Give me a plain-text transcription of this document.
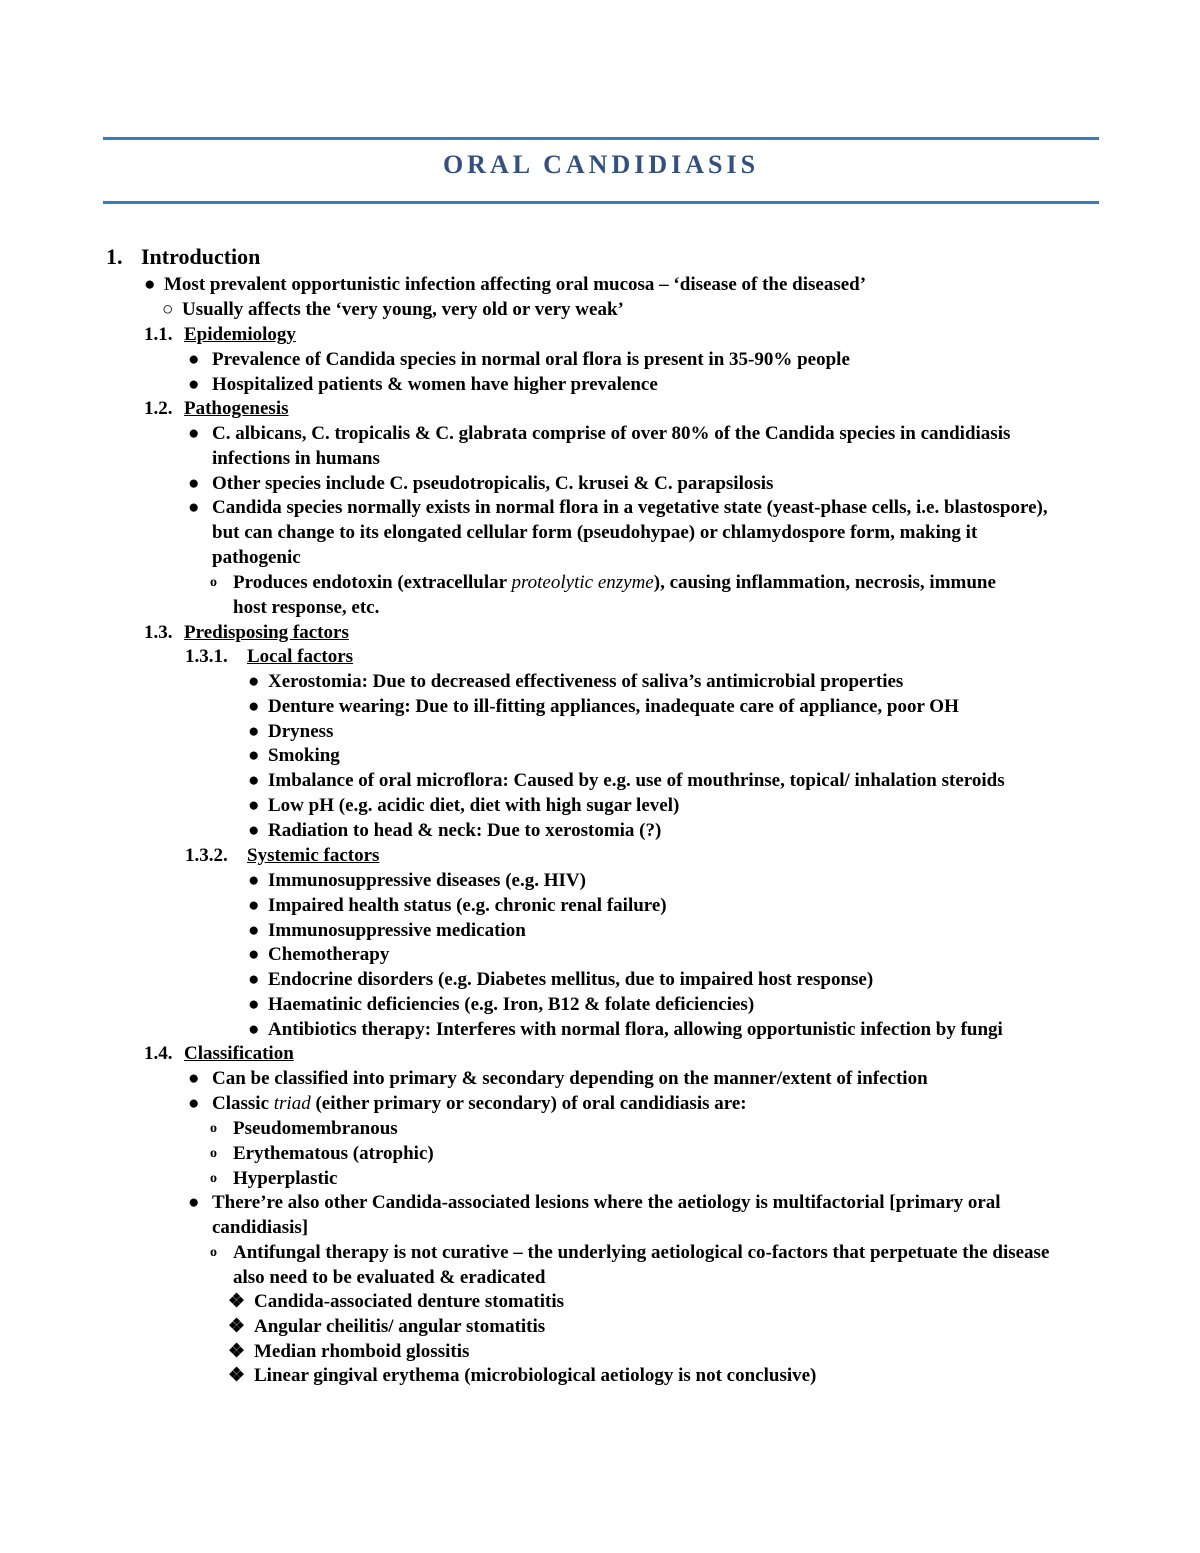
ORAL CANDIDIASIS
1. Introduction
● Most prevalent opportunistic infection affecting oral mucosa – ‘disease of the diseased’
○ Usually affects the ‘very young, very old or very weak’
1.1. Epidemiology
● Prevalence of Candida species in normal oral flora is present in 35-90% people
● Hospitalized patients & women have higher prevalence
1.2. Pathogenesis
● C. albicans, C. tropicalis & C. glabrata comprise of over 80% of the Candida species in candidiasis
infections in humans
● Other species include C. pseudotropicalis, C. krusei & C. parapsilosis
● Candida species normally exists in normal flora in a vegetative state (yeast-phase cells, i.e. blastospore),
but can change to its elongated cellular form (pseudohypae) or chlamydospore form, making it
pathogenic
o Produces endotoxin (extracellular proteolytic enzyme), causing inflammation, necrosis, immune
host response, etc.
1.3. Predisposing factors
1.3.1. Local factors
● Xerostomia: Due to decreased effectiveness of saliva’s antimicrobial properties
● Denture wearing: Due to ill-fitting appliances, inadequate care of appliance, poor OH
● Dryness
● Smoking
● Imbalance of oral microflora: Caused by e.g. use of mouthrinse, topical/ inhalation steroids
● Low pH (e.g. acidic diet, diet with high sugar level)
● Radiation to head & neck: Due to xerostomia (?)
1.3.2. Systemic factors
● Immunosuppressive diseases (e.g. HIV)
● Impaired health status (e.g. chronic renal failure)
● Immunosuppressive medication
● Chemotherapy
● Endocrine disorders (e.g. Diabetes mellitus, due to impaired host response)
● Haematinic deficiencies (e.g. Iron, B12 & folate deficiencies)
● Antibiotics therapy: Interferes with normal flora, allowing opportunistic infection by fungi
1.4. Classification
● Can be classified into primary & secondary depending on the manner/extent of infection
● Classic triad (either primary or secondary) of oral candidiasis are:
o Pseudomembranous
o Erythematous (atrophic)
o Hyperplastic
● There’re also other Candida-associated lesions where the aetiology is multifactorial [primary oral
candidiasis]
o Antifungal therapy is not curative – the underlying aetiological co-factors that perpetuate the disease
also need to be evaluated & eradicated
❖ Candida-associated denture stomatitis
❖ Angular cheilitis/ angular stomatitis
❖ Median rhomboid glossitis
❖ Linear gingival erythema (microbiological aetiology is not conclusive)
